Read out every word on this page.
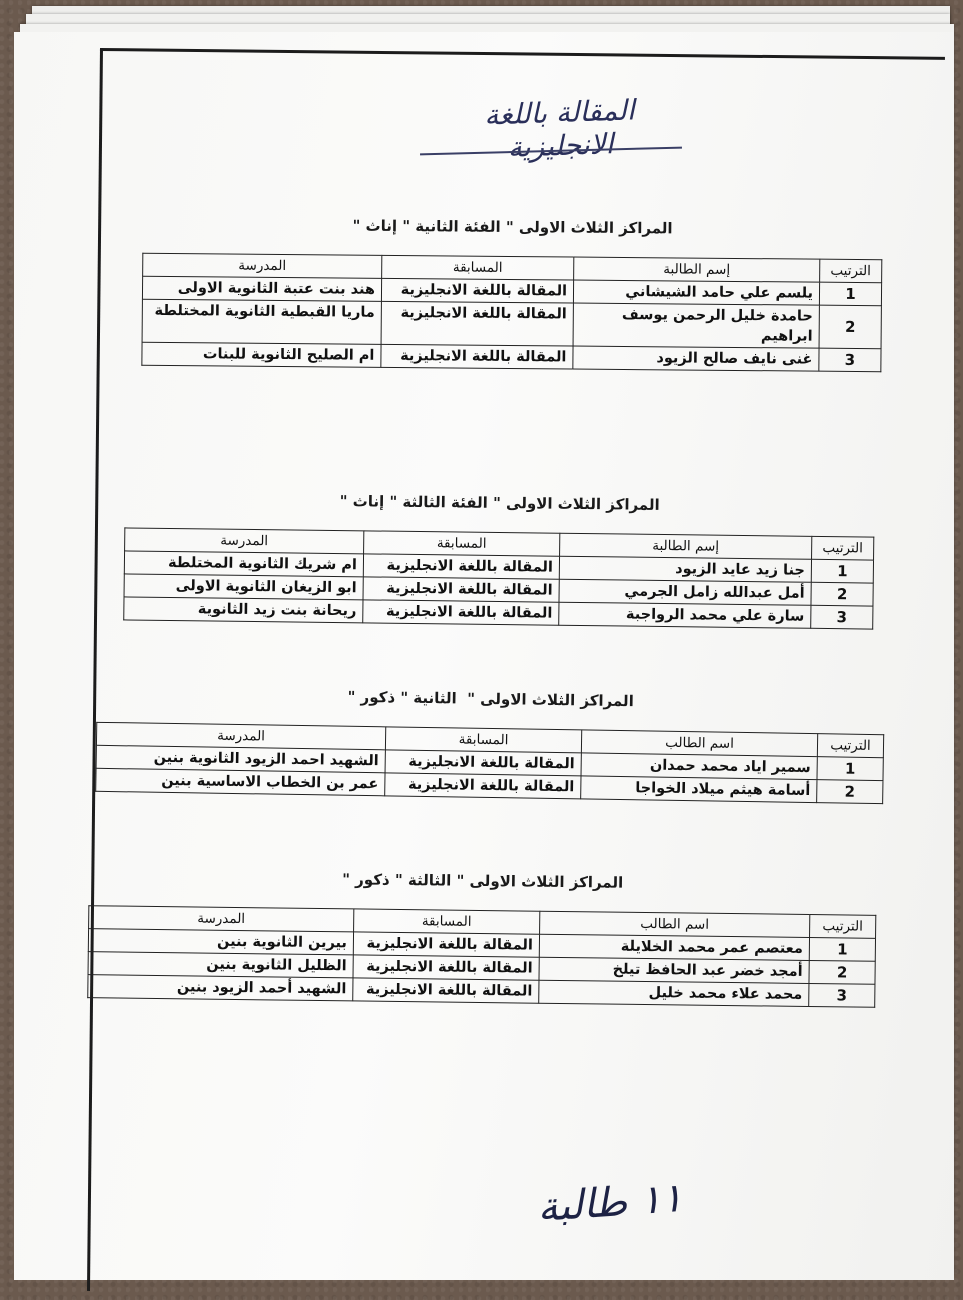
المقالة باللغة الانجليزية
المراكز الثلاث الاولى " الفئة الثانية " إناث "
الترتيب	إسم الطالبة	المسابقة	المدرسة
1	يلسم علي حامد الشيشاني	المقالة باللغة الانجليزية	هند بنت عتبة الثانوية الاولى
2	حامدة خليل الرحمن يوسف ابراهيم	المقالة باللغة الانجليزية	ماريا القبطية الثانوية المختلطة
3	غنى نايف صالح الزيود	المقالة باللغة الانجليزية	ام الصليح الثانوية للبنات
المراكز الثلاث الاولى " الفئة الثالثة " إناث "
الترتيب	إسم الطالبة	المسابقة	المدرسة
1	جنا زيد عايد الزيود	المقالة باللغة الانجليزية	ام شريك الثانوية المختلطة
2	أمل عبدالله زامل الجرمي	المقالة باللغة الانجليزية	ابو الزيغان الثانوية الاولى
3	سارة علي محمد الرواجبة	المقالة باللغة الانجليزية	ريحانة بنت زيد الثانوية
المراكز الثلاث الاولى "  الثانية " ذكور "
الترتيب	اسم الطالب	المسابقة	المدرسة
1	سمير اياد محمد حمدان	المقالة باللغة الانجليزية	الشهيد احمد الزيود الثانوية بنين
2	أسامة هيثم ميلاد الخواجا	المقالة باللغة الانجليزية	عمر بن الخطاب الاساسية بنين
المراكز الثلاث الاولى " الثالثة " ذكور "
الترتيب	اسم الطالب	المسابقة	المدرسة
1	معتصم عمر محمد الخلايلة	المقالة باللغة الانجليزية	بيرين الثانوية بنين
2	أمجد خضر عبد الحافظ تيلخ	المقالة باللغة الانجليزية	الظليل الثانوية بنين
3	محمد علاء محمد خليل	المقالة باللغة الانجليزية	الشهيد أحمد الزيود بنين
١١ طالبة
